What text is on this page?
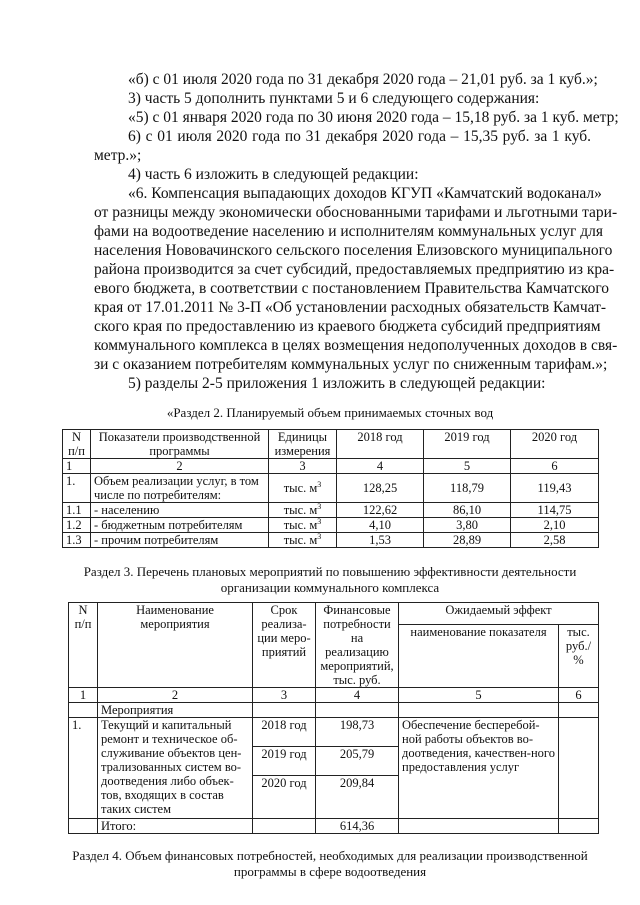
«б) с 01 июля 2020 года по 31 декабря 2020 года – 21,01 руб. за 1 куб.»;
3) часть 5 дополнить пунктами 5 и 6 следующего содержания:
«5) с 01 января 2020 года по 30 июня 2020 года – 15,18 руб. за 1 куб. метр;
6) с 01 июля 2020 года по 31 декабря 2020 года – 15,35 руб. за 1 куб.
метр.»;
4) часть 6 изложить в следующей редакции:
«6. Компенсация выпадающих доходов КГУП «Камчатский водоканал»
от разницы между экономически обоснованными тарифами и льготными тари-
фами на водоотведение населению и исполнителям коммунальных услуг для
населения Нововачинского сельского поселения Елизовского муниципального
района производится за счет субсидий, предоставляемых предприятию из кра-
евого бюджета, в соответствии с постановлением Правительства Камчатского
края от 17.01.2011 № 3-П «Об установлении расходных обязательств Камчат-
ского края по предоставлению из краевого бюджета субсидий предприятиям
коммунального комплекса в целях возмещения недополученных доходов в свя-
зи с оказанием потребителям коммунальных услуг по сниженным тарифам.»;
5) разделы 2-5 приложения 1 изложить в следующей редакции:
«Раздел 2. Планируемый объем принимаемых сточных вод
N п/п	Показатели производственной программы	Единицы измерения	2018 год	2019 год	2020 год
1	2	3	4	5	6
1.	Объем реализации услуг, в том числе по потребителям:	тыс. $м^3$	128,25	118,79	119,43
1.1	- населению	тыс. $м^3$	122,62	86,10	114,75
1.2	- бюджетным потребителям	тыс. $м^3$	4,10	3,80	2,10
1.3	- прочим потребителям	тыс. $м^3$	1,53	28,89	2,58
Раздел 3. Перечень плановых мероприятий по повышению эффективности деятельности
организации коммунального комплекса
N п/п	Наименование мероприятия	Срок реализа-ции меро-приятий	Финансовые потребности на реализацию мероприятий, тыс. руб.	Ожидаемый эффект	
				наименование показателя	тыс. руб./%
1	2	3	4	5	6
	Мероприятия				
1.	Текущий и капитальный ремонт и техническое об-служивание объектов цен-трализованных систем во-доотведения либо объек-тов, входящих в состав таких систем	2018 год	198,73	Обеспечение бесперебой-ной работы объектов во-доотведения, качествен-ного предоставления услуг	
		2019 год	205,79		
		2020 год	209,84		
	Итого:		614,36		
Раздел 4. Объем финансовых потребностей, необходимых для реализации производственной
программы в сфере водоотведения
